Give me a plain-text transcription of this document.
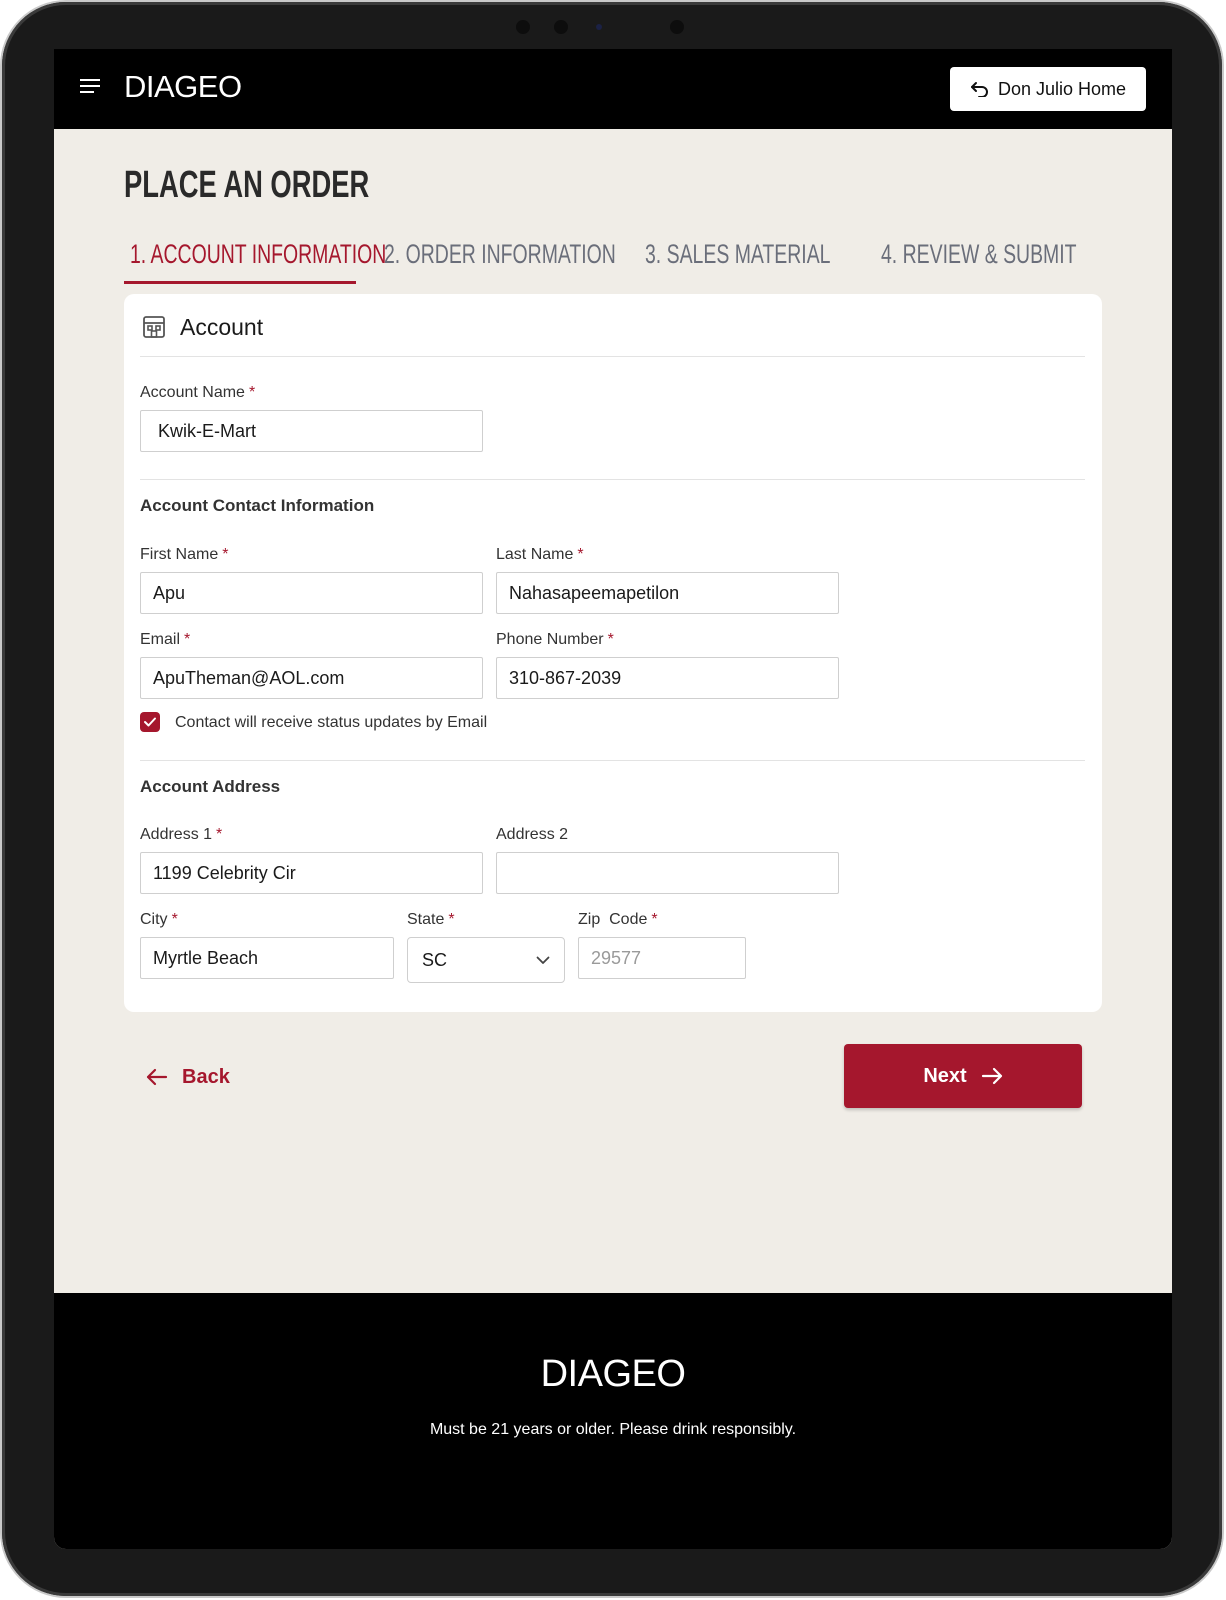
DIAGEO	Don Julio Home
PLACE AN ORDER
1. ACCOUNT INFORMATION
2. ORDER INFORMATION	3. SALES MATERIAL	4. REVIEW & SUBMIT
Account
Account Name *
Kwik-E-Mart
Account Contact Information
First Name *
Apu
Last Name *
Nahasapeemapetilon
Email *
ApuTheman@AOL.com
Phone Number *
310-867-2039
Contact will receive status updates by Email
Account Address
Address 1 *
1199 Celebrity Cir
Address 2
City *
Myrtle Beach
State *
SC
Zip  Code *
29577
Back	Next
DIAGEO
Must be 21 years or older. Please drink responsibly.
